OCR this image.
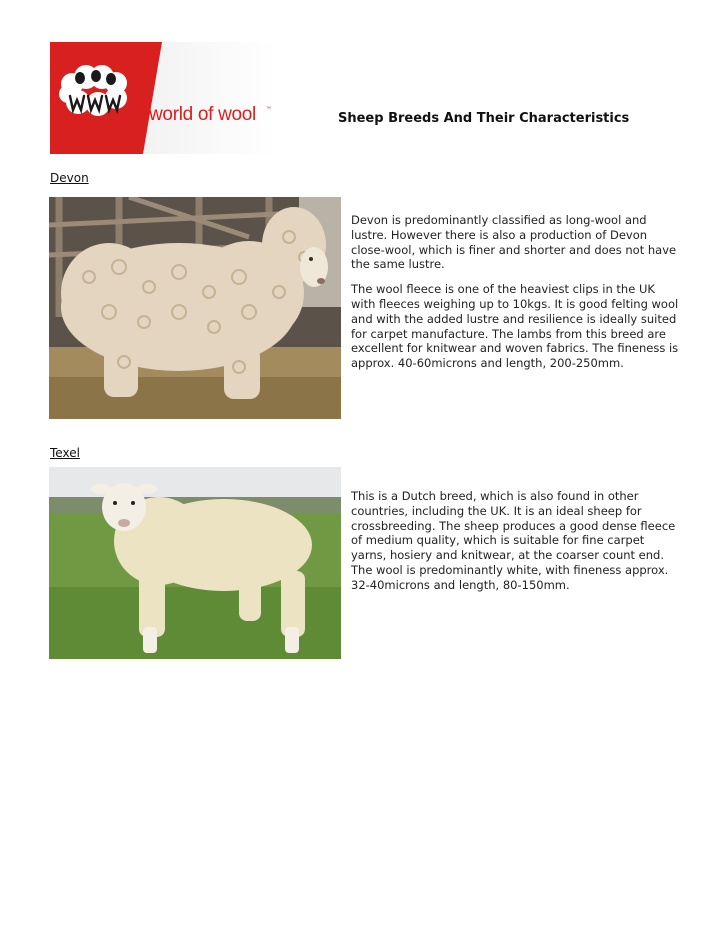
world of wool ™
Sheep Breeds And Their Characteristics

Devon

Devon is predominantly classified as long-wool and lustre. However there is also a production of Devon close-wool, which is finer and shorter and does not have the same lustre.

The wool fleece is one of the heaviest clips in the UK with fleeces weighing up to 10kgs. It is good felting wool and with the added lustre and resilience is ideally suited for carpet manufacture. The lambs from this breed are excellent for knitwear and woven fabrics. The fineness is approx. 40-60microns and length, 200-250mm.

Texel

This is a Dutch breed, which is also found in other countries, including the UK. It is an ideal sheep for crossbreeding. The sheep produces a good dense fleece of medium quality, which is suitable for fine carpet yarns, hosiery and knitwear, at the coarser count end. The wool is predominantly white, with fineness approx. 32-40microns and length, 80-150mm.
